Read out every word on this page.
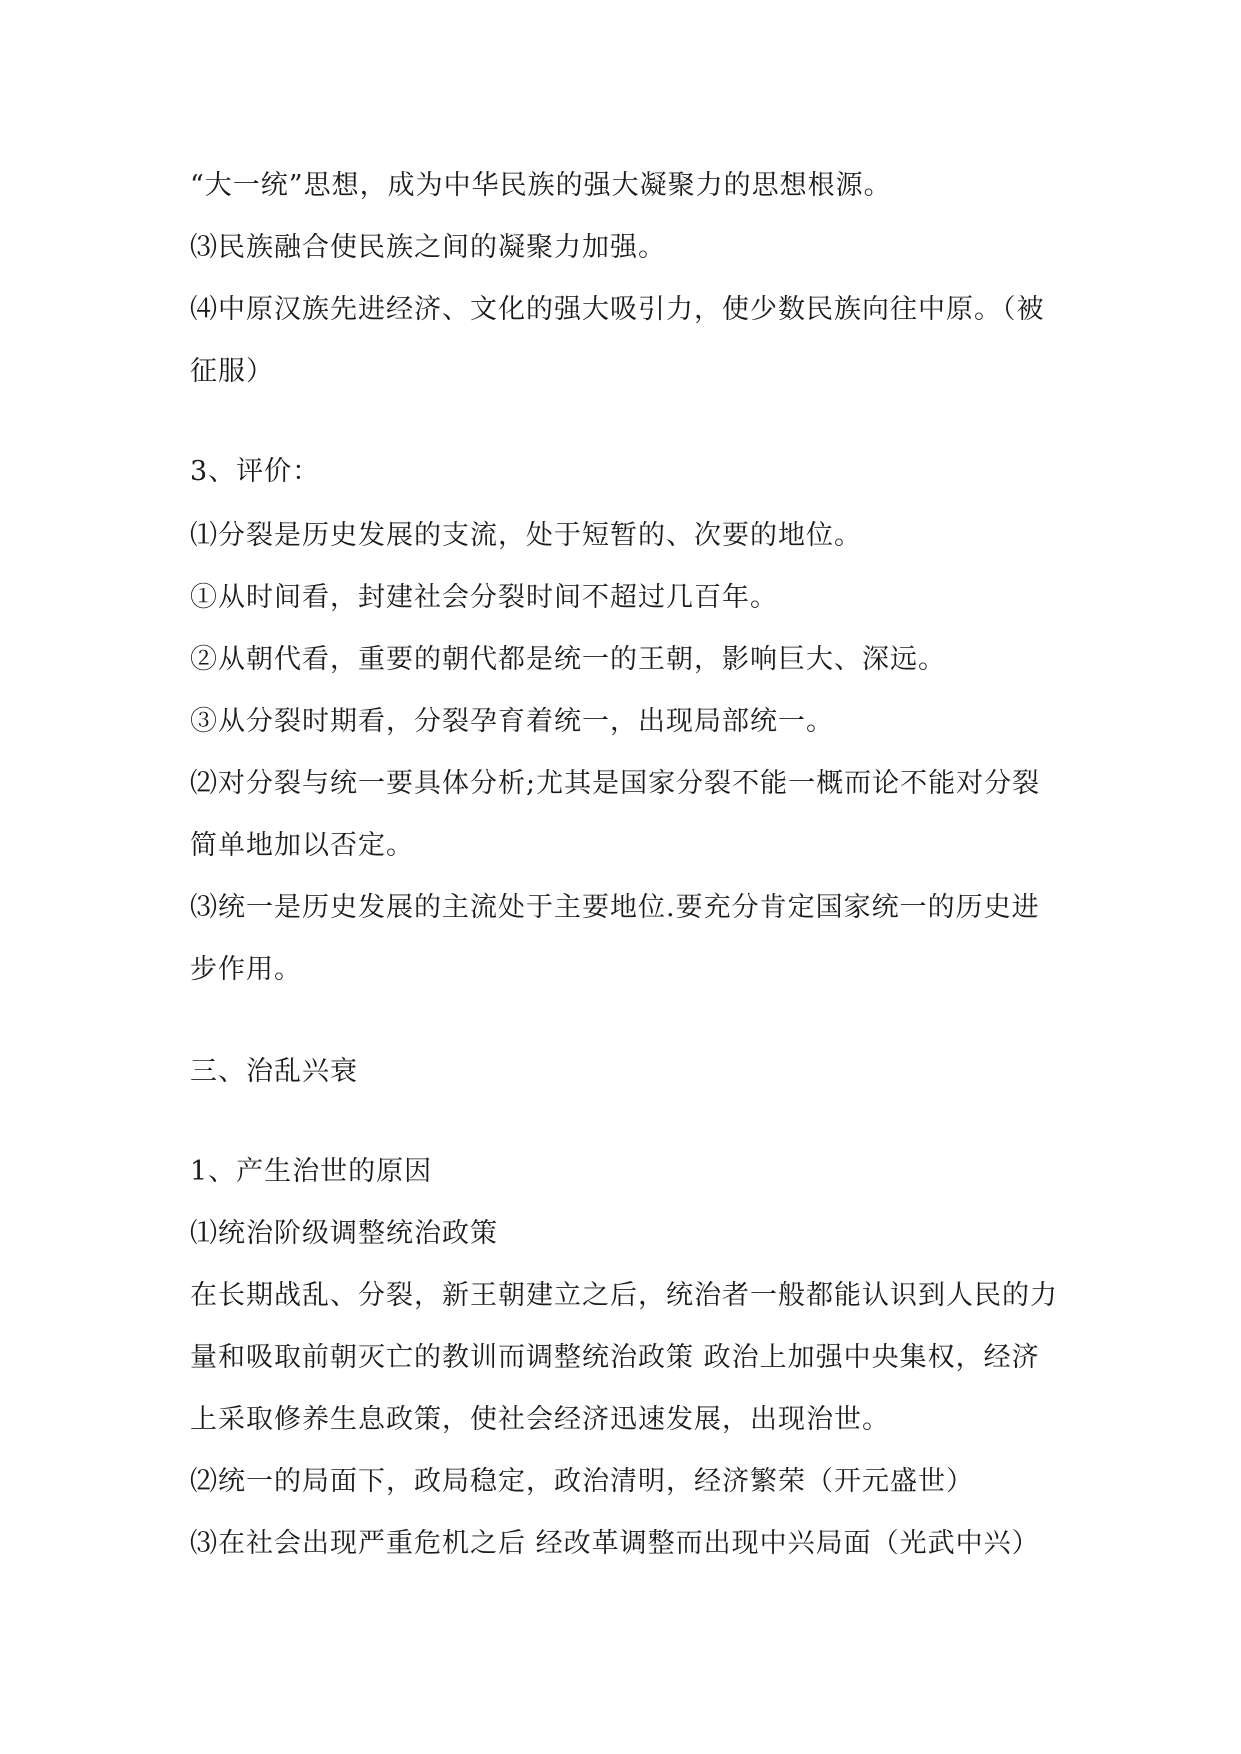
“大一统”思想，成为中华民族的强大凝聚力的思想根源。
⑶民族融合使民族之间的凝聚力加强。
⑷中原汉族先进经济、文化的强大吸引力，使少数民族向往中原。（被
征服）
3、评价：
⑴分裂是历史发展的支流，处于短暂的、次要的地位。
①从时间看，封建社会分裂时间不超过几百年。
②从朝代看，重要的朝代都是统一的王朝，影响巨大、深远。
③从分裂时期看，分裂孕育着统一，出现局部统一。
⑵对分裂与统一要具体分析;尤其是国家分裂不能一概而论不能对分裂
简单地加以否定。
⑶统一是历史发展的主流处于主要地位.要充分肯定国家统一的历史进
步作用。
三、治乱兴衰
1、产生治世的原因
⑴统治阶级调整统治政策
在长期战乱、分裂，新王朝建立之后，统治者一般都能认识到人民的力
量和吸取前朝灭亡的教训而调整统治政策 政治上加强中央集权，经济
上采取修养生息政策，使社会经济迅速发展，出现治世。
⑵统一的局面下，政局稳定，政治清明，经济繁荣（开元盛世）
⑶在社会出现严重危机之后 经改革调整而出现中兴局面（光武中兴）
